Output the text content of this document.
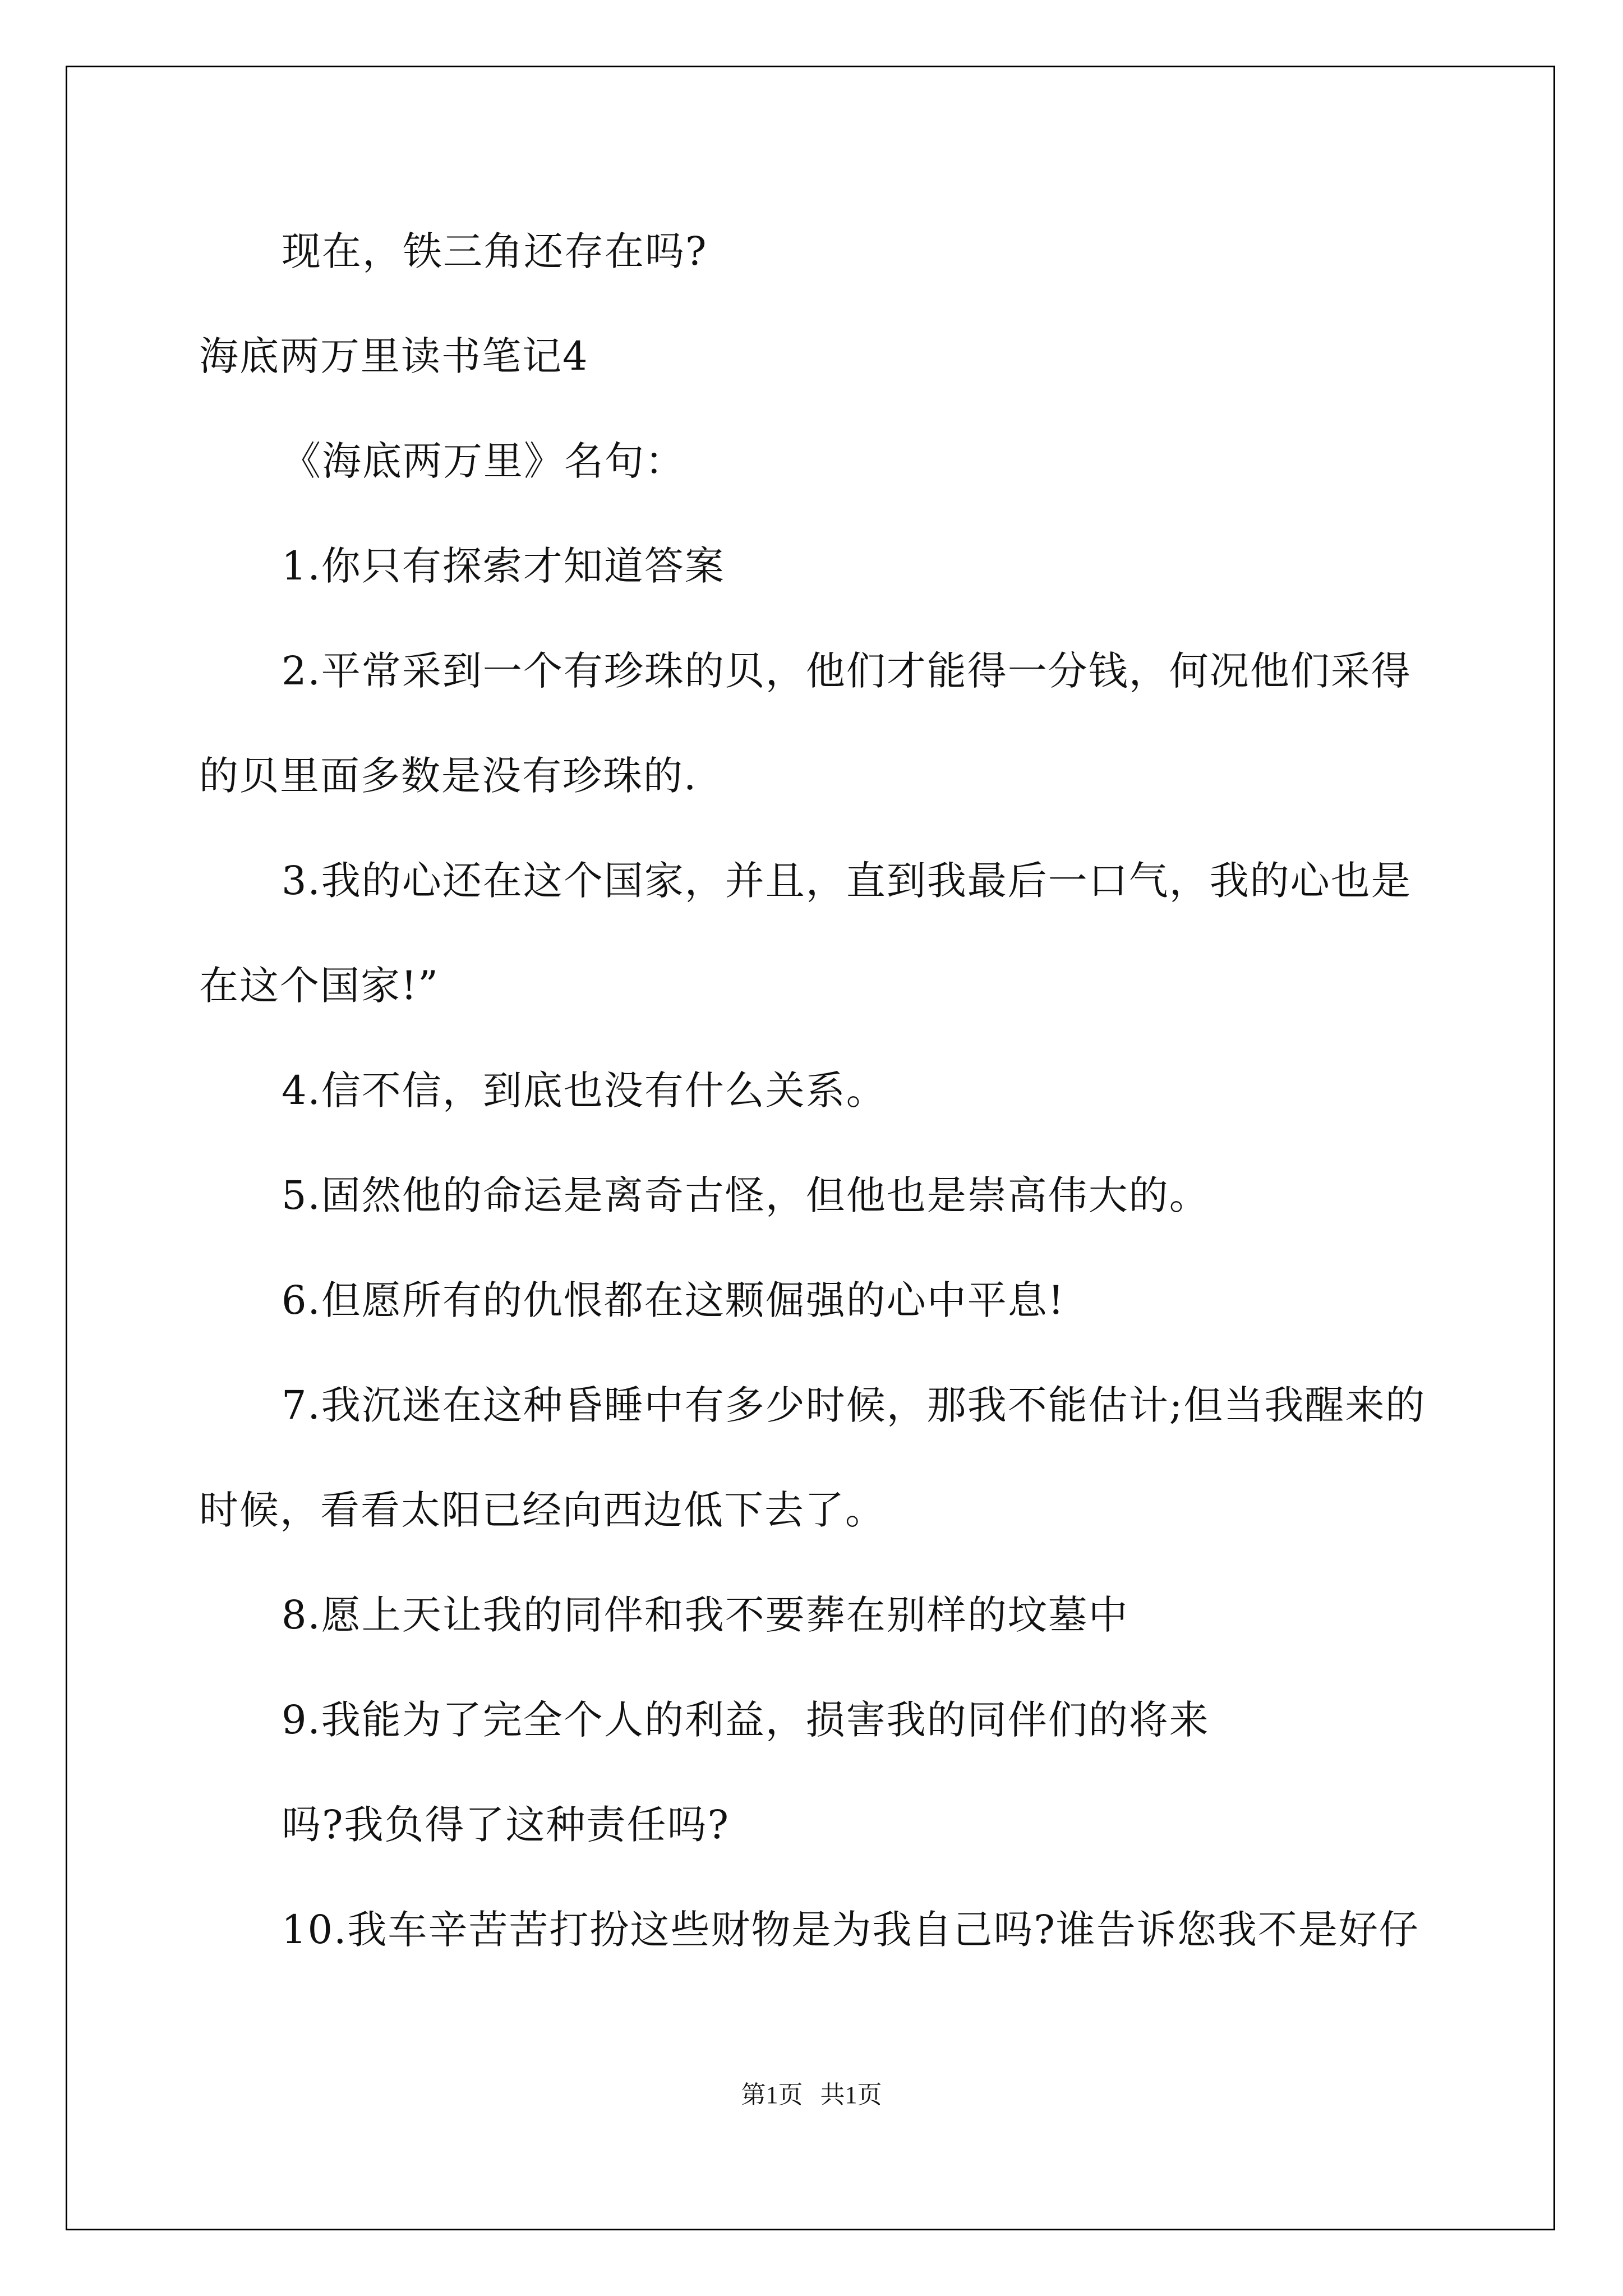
现在，铁三角还存在吗?

海底两万里读书笔记4

《海底两万里》名句：

1.你只有探索才知道答案

2.平常采到一个有珍珠的贝，他们才能得一分钱，何况他们采得

的贝里面多数是没有珍珠的.

3.我的心还在这个国家，并且，直到我最后一口气，我的心也是

在这个国家!”

4.信不信，到底也没有什么关系。

5.固然他的命运是离奇古怪，但他也是崇高伟大的。

6.但愿所有的仇恨都在这颗倔强的心中平息!

7.我沉迷在这种昏睡中有多少时候，那我不能估计;但当我醒来的

时候，看看太阳已经向西边低下去了。

8.愿上天让我的同伴和我不要葬在别样的坟墓中

9.我能为了完全个人的利益，损害我的同伴们的将来

吗?我负得了这种责任吗?

10.我车辛苦苦打扮这些财物是为我自己吗?谁告诉您我不是好仔

第1页 共1页
